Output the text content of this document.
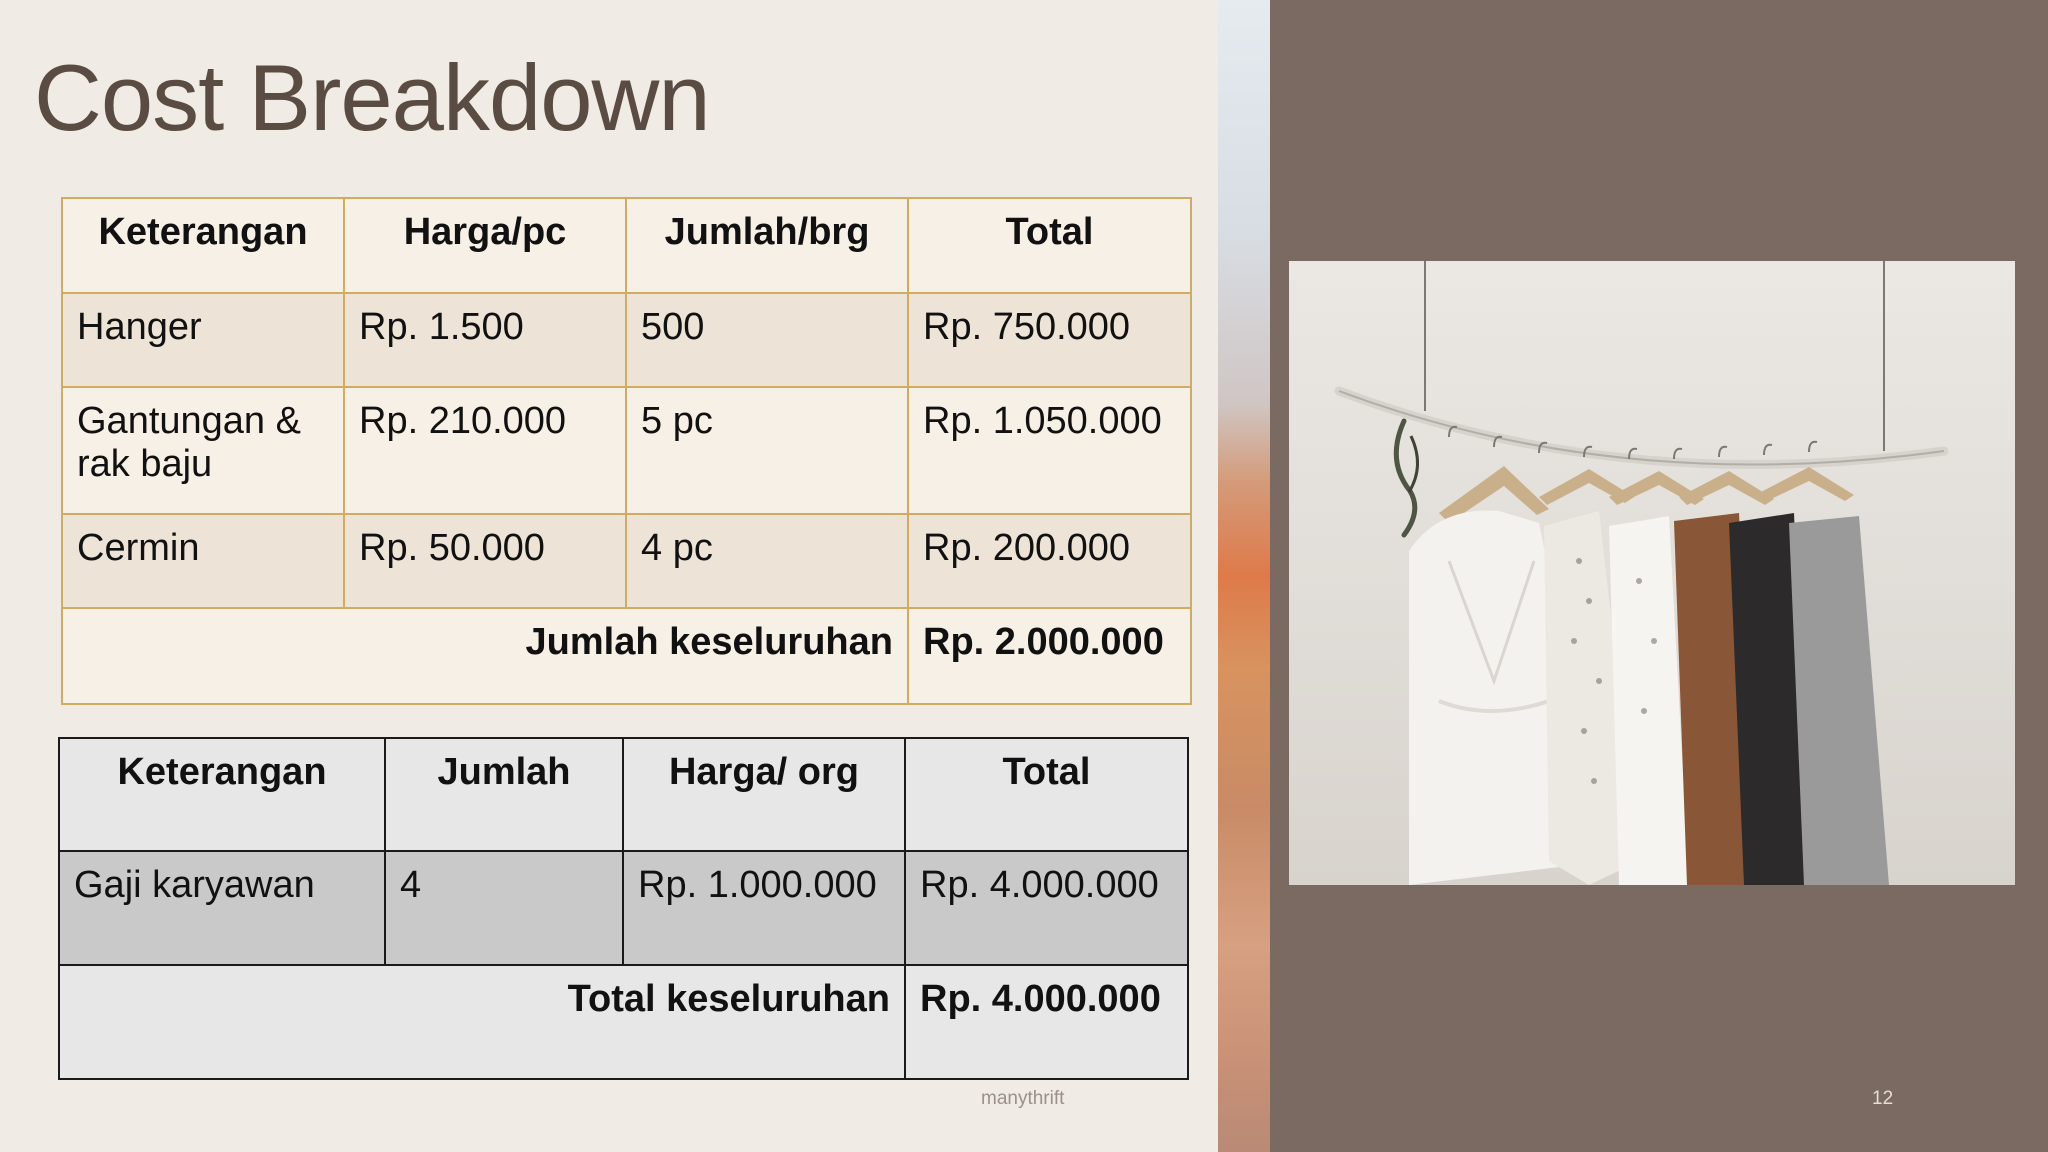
Cost Breakdown
Keterangan	Harga/pc	Jumlah/brg	Total
Hanger	Rp. 1.500	500	Rp. 750.000
Gantungan & rak baju	Rp. 210.000	5 pc	Rp. 1.050.000
Cermin	Rp. 50.000	4 pc	Rp. 200.000
Jumlah keseluruhan			Rp. 2.000.000
Keterangan	Jumlah	Harga/ org	Total
Gaji karyawan	4	Rp. 1.000.000	Rp. 4.000.000
Total keseluruhan			Rp. 4.000.000
manythrift	12
